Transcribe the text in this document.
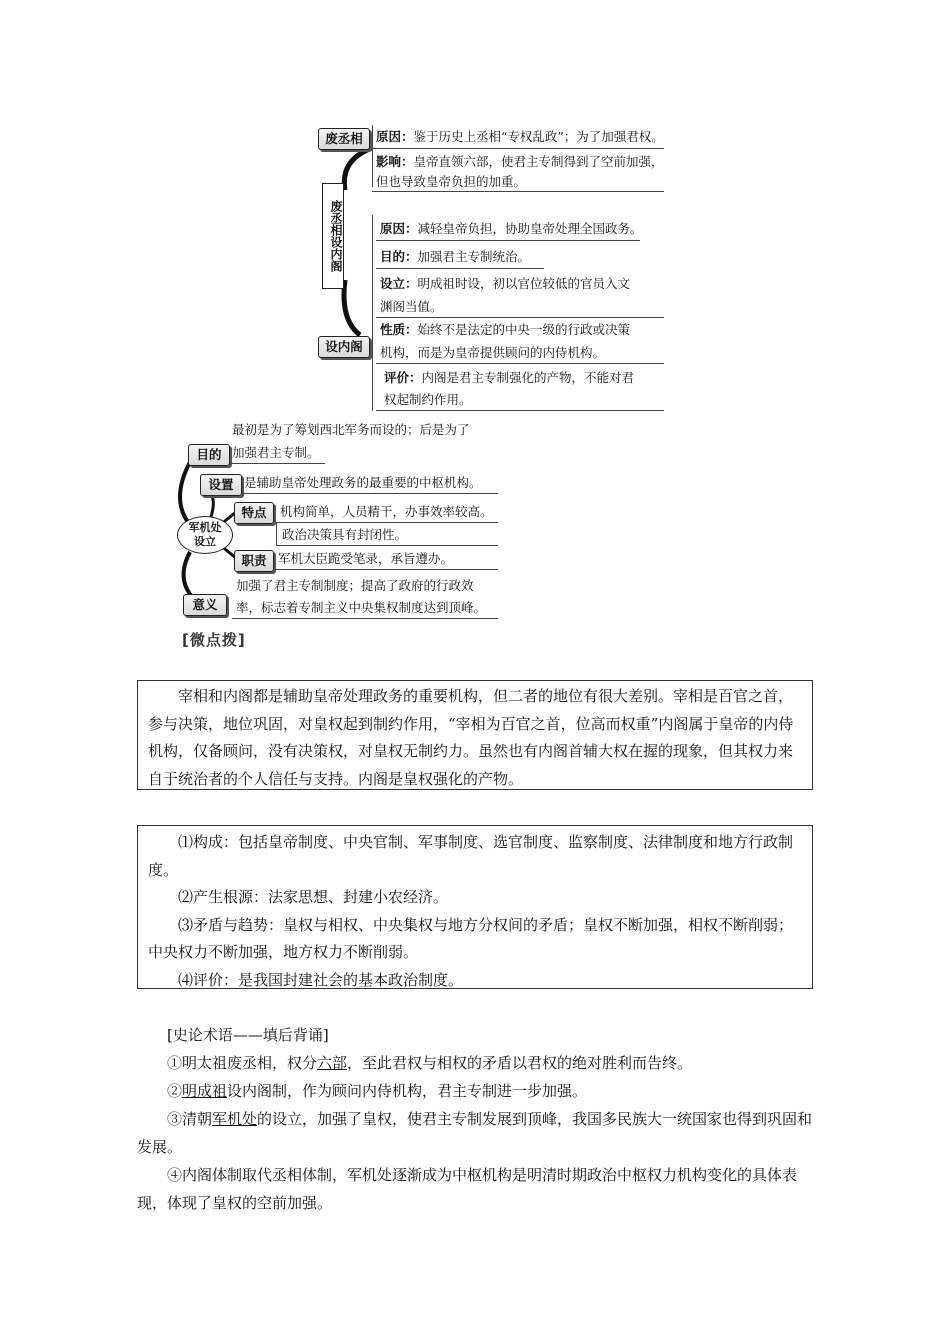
废丞相
废丞相设内阁
设内阁
原因：鉴于历史上丞相“专权乱政”；为了加强君权。
影响：皇帝直领六部，使君主专制得到了空前加强，
但也导致皇帝负担的加重。
原因：减轻皇帝负担，协助皇帝处理全国政务。
目的：加强君主专制统治。
设立：明成祖时设，初以官位较低的官员入文
渊阁当值。
性质：始终不是法定的中央一级的行政或决策
机构，而是为皇帝提供顾问的内侍机构。
评价：内阁是君主专制强化的产物，不能对君
权起制约作用。
军机处设立
目的
最初是为了筹划西北军务而设的；后是为了
加强君主专制。
设置 是辅助皇帝处理政务的最重要的中枢机构。
特点	机构简单，人员精干，办事效率较高。
政治决策具有封闭性。
职责 军机大臣跪受笔录，承旨遵办。
意义
加强了君主专制制度；提高了政府的行政效
率，标志着专制主义中央集权制度达到顶峰。
[微点拨]

宰相和内阁都是辅助皇帝处理政务的重要机构，但二者的地位有很大差别。宰相是百官之首，参与决策，地位巩固，对皇权起到制约作用，“宰相为百官之首，位高而权重”内阁属于皇帝的内侍机构，仅备顾问，没有决策权，对皇权无制约力。虽然也有内阁首辅大权在握的现象，但其权力来自于统治者的个人信任与支持。内阁是皇权强化的产物。

⑴构成：包括皇帝制度、中央官制、军事制度、选官制度、监察制度、法律制度和地方行政制度。

⑵产生根源：法家思想、封建小农经济。

⑶矛盾与趋势：皇权与相权、中央集权与地方分权间的矛盾；皇权不断加强，相权不断削弱；中央权力不断加强，地方权力不断削弱。

⑷评价：是我国封建社会的基本政治制度。

[史论术语——填后背诵]

①明太祖废丞相，权分六部，至此君权与相权的矛盾以君权的绝对胜利而告终。

②明成祖设内阁制，作为顾问内侍机构，君主专制进一步加强。

③清朝军机处的设立，加强了皇权，使君主专制发展到顶峰，我国多民族大一统国家也得到巩固和发展。

④内阁体制取代丞相体制，军机处逐渐成为中枢机构是明清时期政治中枢权力机构变化的具体表现，体现了皇权的空前加强。
